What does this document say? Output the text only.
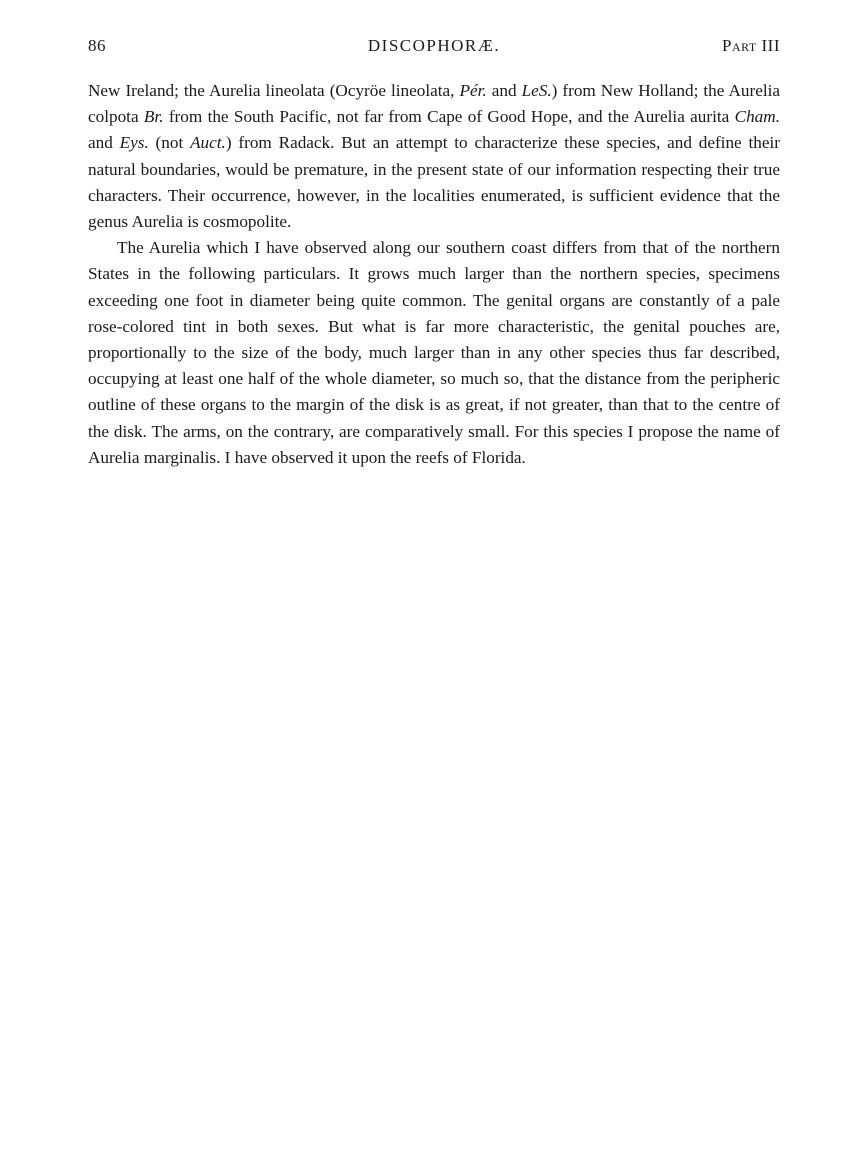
86	DISCOPHORÆ.	Part III

New Ireland; the Aurelia lineolata (Ocyröe lineolata, Pér. and LeS.) from New Holland; the Aurelia colpota Br. from the South Pacific, not far from Cape of Good Hope, and the Aurelia aurita Cham. and Eys. (not Auct.) from Radack. But an attempt to characterize these species, and define their natural boundaries, would be premature, in the present state of our information respecting their true characters. Their occurrence, however, in the localities enumerated, is sufficient evidence that the genus Aurelia is cosmopolite.

The Aurelia which I have observed along our southern coast differs from that of the northern States in the following particulars. It grows much larger than the northern species, specimens exceeding one foot in diameter being quite common. The genital organs are constantly of a pale rose-colored tint in both sexes. But what is far more characteristic, the genital pouches are, proportionally to the size of the body, much larger than in any other species thus far described, occupying at least one half of the whole diameter, so much so, that the distance from the peripheric outline of these organs to the margin of the disk is as great, if not greater, than that to the centre of the disk. The arms, on the contrary, are comparatively small. For this species I propose the name of Aurelia marginalis. I have observed it upon the reefs of Florida.
